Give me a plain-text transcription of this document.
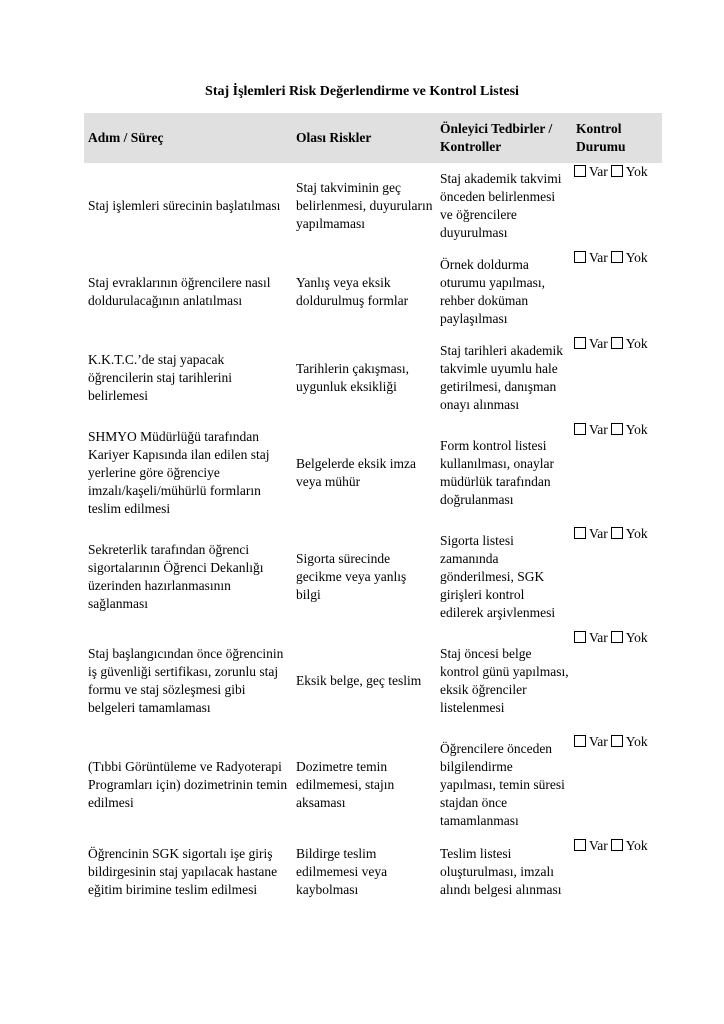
Staj İşlemleri Risk Değerlendirme ve Kontrol Listesi
Adım / Süreç	Olası Riskler	Önleyici Tedbirler / Kontroller	Kontrol Durumu
Staj işlemleri sürecinin başlatılması	Staj takviminin geç belirlenmesi, duyuruların yapılmaması	Staj akademik takvimi önceden belirlenmesi ve öğrencilere duyurulması	Var Yok
Staj evraklarının öğrencilere nasıl doldurulacağının anlatılması	Yanlış veya eksik doldurulmuş formlar	Örnek doldurma oturumu yapılması, rehber doküman paylaşılması	Var Yok
K.K.T.C.’de staj yapacak öğrencilerin staj tarihlerini belirlemesi	Tarihlerin çakışması, uygunluk eksikliği	Staj tarihleri akademik takvimle uyumlu hale getirilmesi, danışman onayı alınması	Var Yok
SHMYO Müdürlüğü tarafından Kariyer Kapısında ilan edilen staj yerlerine göre öğrenciye imzalı/kaşeli/mühürlü formların teslim edilmesi	Belgelerde eksik imza veya mühür	Form kontrol listesi kullanılması, onaylar müdürlük tarafından doğrulanması	Var Yok
Sekreterlik tarafından öğrenci sigortalarının Öğrenci Dekanlığı üzerinden hazırlanmasının sağlanması	Sigorta sürecinde gecikme veya yanlış bilgi	Sigorta listesi zamanında gönderilmesi, SGK girişleri kontrol edilerek arşivlenmesi	Var Yok
Staj başlangıcından önce öğrencinin iş güvenliği sertifikası, zorunlu staj formu ve staj sözleşmesi gibi belgeleri tamamlaması	Eksik belge, geç teslim	Staj öncesi belge kontrol günü yapılması, eksik öğrenciler listelenmesi	Var Yok
(Tıbbi Görüntüleme ve Radyoterapi Programları için) dozimetrinin temin edilmesi	Dozimetre temin edilmemesi, stajın aksaması	Öğrencilere önceden bilgilendirme yapılması, temin süresi stajdan önce tamamlanması	Var Yok
Öğrencinin SGK sigortalı işe giriş bildirgesinin staj yapılacak hastane eğitim birimine teslim edilmesi	Bildirge teslim edilmemesi veya kaybolması	Teslim listesi oluşturulması, imzalı alındı belgesi alınması	Var Yok
